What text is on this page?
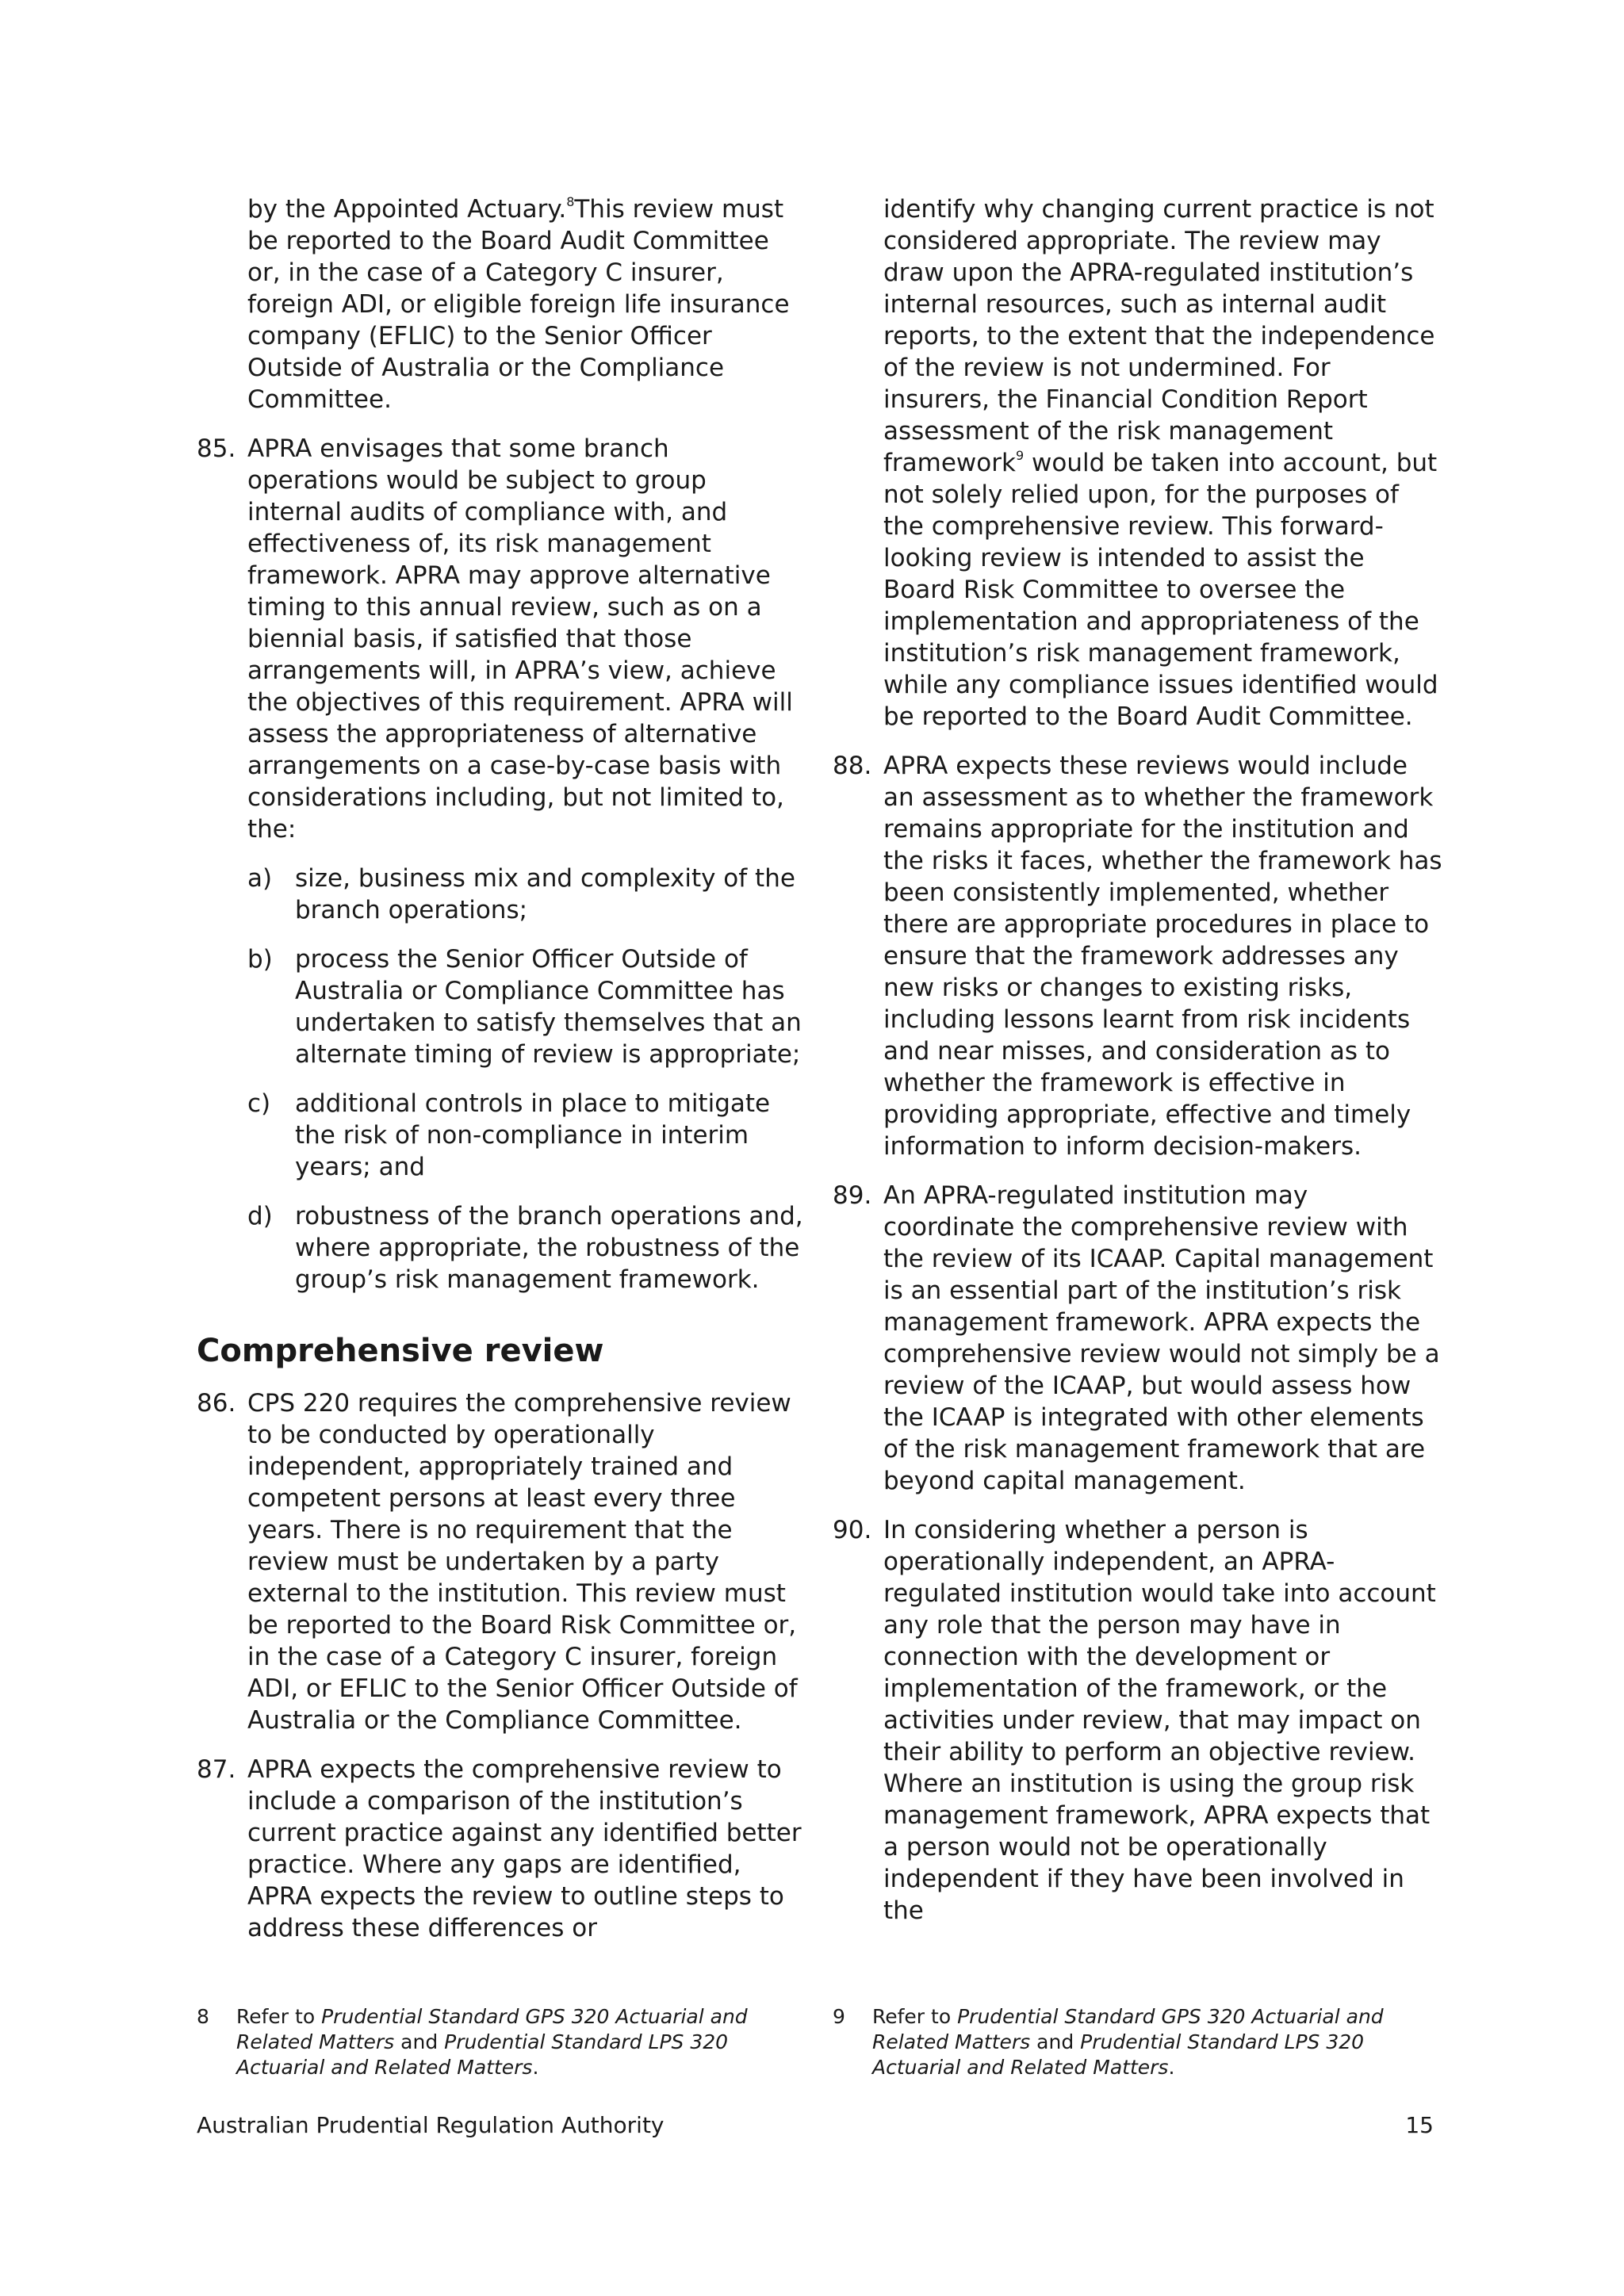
by the Appointed Actuary.$^8$This review must be reported to the Board Audit Committee or, in the case of a Category C insurer, foreign ADI, or eligible foreign life insurance company (EFLIC) to the Senior Officer Outside of Australia or the Compliance Committee.

85. APRA envisages that some branch operations would be subject to group internal audits of compliance with, and effectiveness of, its risk management framework. APRA may approve alternative timing to this annual review, such as on a biennial basis, if satisfied that those arrangements will, in APRA’s view, achieve the objectives of this requirement. APRA will assess the appropriateness of alternative arrangements on a case-by-case basis with considerations including, but not limited to, the:
a) size, business mix and complexity of the branch operations;
b) process the Senior Officer Outside of Australia or Compliance Committee has undertaken to satisfy themselves that an alternate timing of review is appropriate;
c) additional controls in place to mitigate the risk of non-compliance in interim years; and
d) robustness of the branch operations and, where appropriate, the robustness of the group’s risk management framework.
Comprehensive review
86. CPS 220 requires the comprehensive review to be conducted by operationally independent, appropriately trained and competent persons at least every three years. There is no requirement that the review must be undertaken by a party external to the institution. This review must be reported to the Board Risk Committee or, in the case of a Category C insurer, foreign ADI, or EFLIC to the Senior Officer Outside of Australia or the Compliance Committee.
87. APRA expects the comprehensive review to include a comparison of the institution’s current practice against any identified better practice. Where any gaps are identified, APRA expects the review to outline steps to address these differences or

identify why changing current practice is not considered appropriate. The review may draw upon the APRA-regulated institution’s internal resources, such as internal audit reports, to the extent that the independence of the review is not undermined. For insurers, the Financial Condition Report assessment of the risk management framework$^9$ would be taken into account, but not solely relied upon, for the purposes of the comprehensive review. This forward-looking review is intended to assist the Board Risk Committee to oversee the implementation and appropriateness of the institution’s risk management framework, while any compliance issues identified would be reported to the Board Audit Committee.

88. APRA expects these reviews would include an assessment as to whether the framework remains appropriate for the institution and the risks it faces, whether the framework has been consistently implemented, whether there are appropriate procedures in place to ensure that the framework addresses any new risks or changes to existing risks, including lessons learnt from risk incidents and near misses, and consideration as to whether the framework is effective in providing appropriate, effective and timely information to inform decision-makers.
89. An APRA-regulated institution may coordinate the comprehensive review with the review of its ICAAP. Capital management is an essential part of the institution’s risk management framework. APRA expects the comprehensive review would not simply be a review of the ICAAP, but would assess how the ICAAP is integrated with other elements of the risk management framework that are beyond capital management.
90. In considering whether a person is operationally independent, an APRA-regulated institution would take into account any role that the person may have in connection with the development or implementation of the framework, or the activities under review, that may impact on their ability to perform an objective review. Where an institution is using the group risk management framework, APRA expects that a person would not be operationally independent if they have been involved in the
8	Refer to Prudential Standard GPS 320 Actuarial and Related Matters and Prudential Standard LPS 320 Actuarial and Related Matters.
9	Refer to Prudential Standard GPS 320 Actuarial and Related Matters and Prudential Standard LPS 320 Actuarial and Related Matters.
Australian Prudential Regulation Authority	15
